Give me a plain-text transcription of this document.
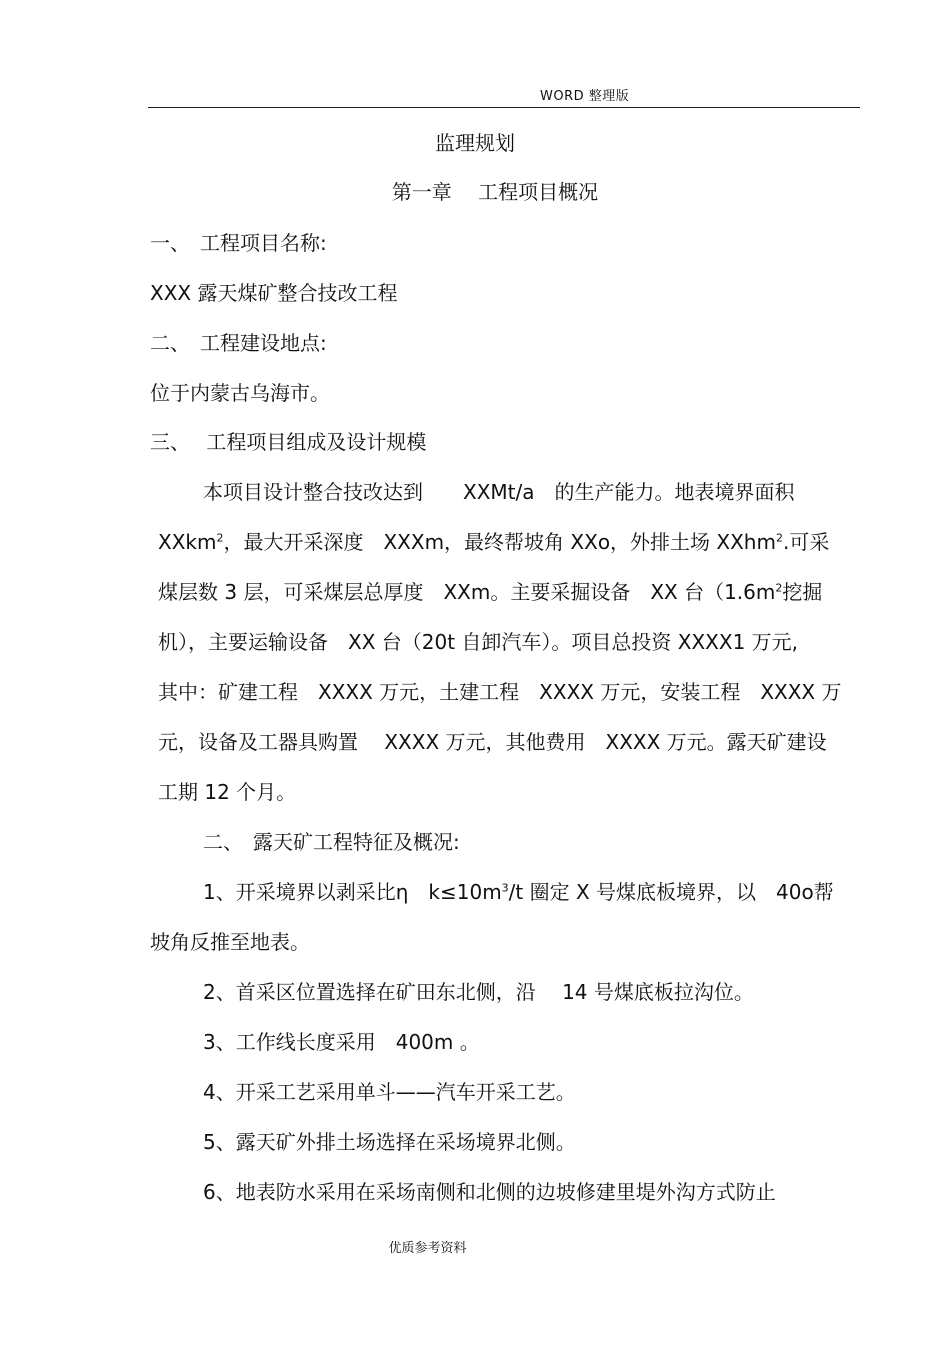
WORD 整理版
监理规划
第一章　 工程项目概况
一、　工程项目名称:
XXX 露天煤矿整合技改工程
二、　工程建设地点:
位于内蒙古乌海市。
三、　 工程项目组成及设计规模
本项目设计整合技改达到　　XXMt/a　的生产能力。地表境界面积
XXkm$^2$，最大开采深度　XXXm，最终帮坡角 XXo，外排土场 XXhm$^2$.可采
煤层数 3 层，可采煤层总厚度　XXm。主要采掘设备　XX 台（$1.6m^2$挖掘
机），主要运输设备　XX 台（20t 自卸汽车）。项目总投资 XXXX1 万元,
其中：矿建工程　XXXX 万元，土建工程　XXXX 万元，安装工程　XXXX 万
元，设备及工器具购置　 XXXX 万元，其他费用　XXXX 万元。露天矿建设
工期 12 个月。
二、　露天矿工程特征及概况:
1、开采境界以剥采比η　$k\le 10m^3/t$ 圈定 X 号煤底板境界，以　40o帮
坡角反推至地表。
2、首采区位置选择在矿田东北侧，沿　 14 号煤底板拉沟位。
3、工作线长度采用　400m 。
4、开采工艺采用单斗——汽车开采工艺。
5、露天矿外排土场选择在采场境界北侧。
6、地表防水采用在采场南侧和北侧的边坡修建里堤外沟方式防止
优质参考资料
